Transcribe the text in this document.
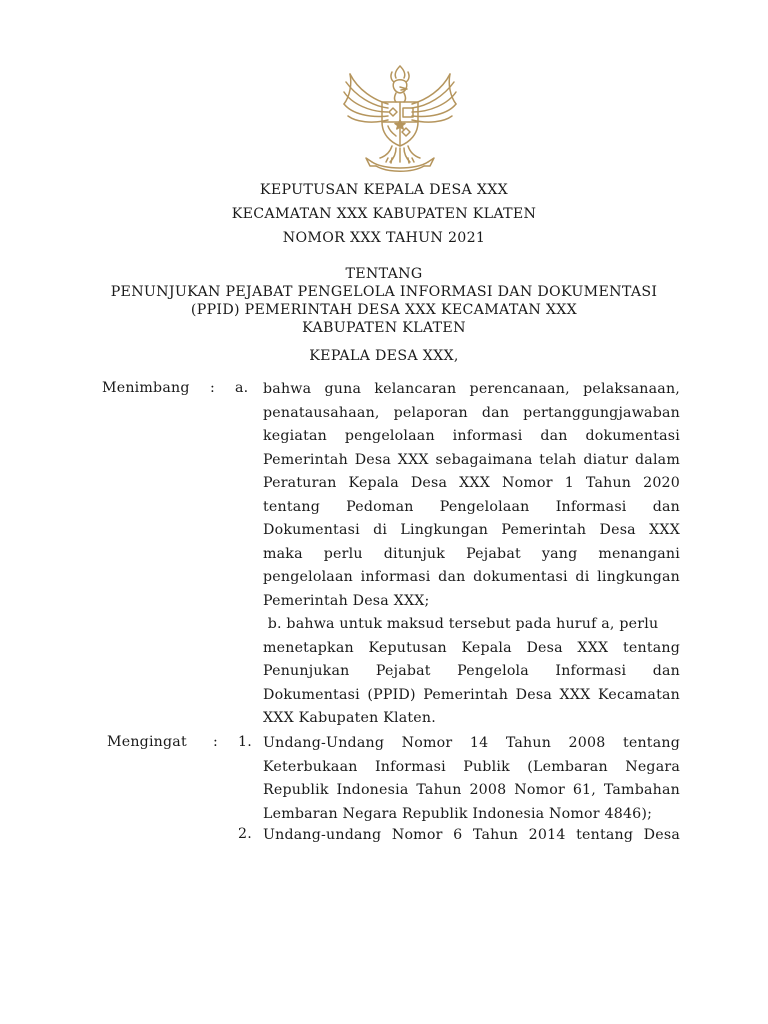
KEPUTUSAN KEPALA DESA XXX
KECAMATAN XXX KABUPATEN KLATEN
NOMOR XXX TAHUN 2021
TENTANG
PENUNJUKAN PEJABAT PENGELOLA INFORMASI DAN DOKUMENTASI
(PPID) PEMERINTAH DESA XXX KECAMATAN XXX
KABUPATEN KLATEN
KEPALA DESA XXX,
Menimbang : a. bahwa guna kelancaran perencanaan, pelaksanaan,
penatausahaan, pelaporan dan pertanggungjawaban
kegiatan pengelolaan informasi dan dokumentasi
Pemerintah Desa XXX sebagaimana telah diatur dalam
Peraturan Kepala Desa XXX Nomor 1 Tahun 2020
tentang Pedoman Pengelolaan Informasi dan
Dokumentasi di Lingkungan Pemerintah Desa XXX
maka perlu ditunjuk Pejabat yang menangani
pengelolaan informasi dan dokumentasi di lingkungan
Pemerintah Desa XXX;
b. bahwa untuk maksud tersebut pada huruf a, perlu
menetapkan Keputusan Kepala Desa XXX tentang
Penunjukan Pejabat Pengelola Informasi dan
Dokumentasi (PPID) Pemerintah Desa XXX Kecamatan
XXX Kabupaten Klaten.
Mengingat : 1. Undang-Undang Nomor 14 Tahun 2008 tentang
Keterbukaan Informasi Publik (Lembaran Negara
Republik Indonesia Tahun 2008 Nomor 61, Tambahan
Lembaran Negara Republik Indonesia Nomor 4846);
2. Undang-undang Nomor 6 Tahun 2014 tentang Desa
